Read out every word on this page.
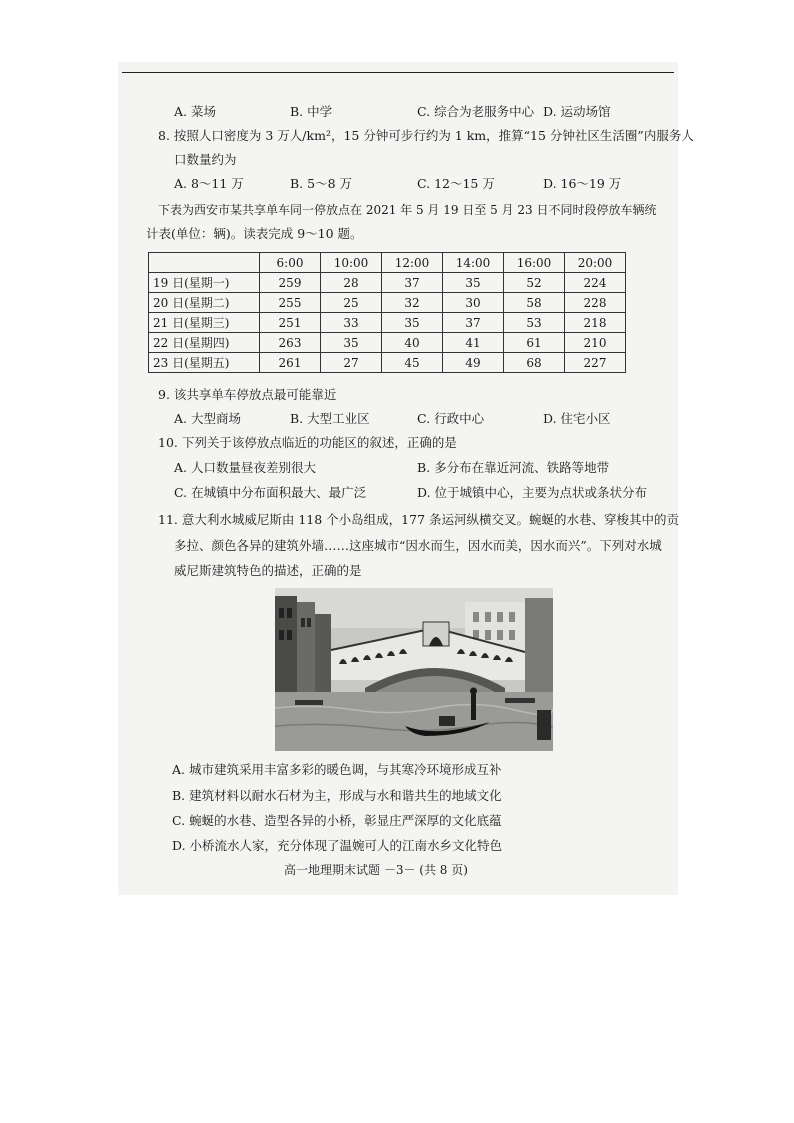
A. 菜场	B. 中学	C. 综合为老服务中心 D. 运动场馆
8. 按照人口密度为 3 万人/km²，15 分钟可步行约为 1 km，推算“15 分钟社区生活圈”内服务人
口数量约为
A. 8～11 万	B. 5～8 万	C. 12～15 万	D. 16～19 万
下表为西安市某共享单车同一停放点在 2021 年 5 月 19 日至 5 月 23 日不同时段停放车辆统
计表(单位：辆)。读表完成 9～10 题。
	6:00	10:00	12:00	14:00	16:00	20:00
19 日(星期一)	259	28	37	35	52	224
20 日(星期二)	255	25	32	30	58	228
21 日(星期三)	251	33	35	37	53	218
22 日(星期四)	263	35	40	41	61	210
23 日(星期五)	261	27	45	49	68	227
9. 该共享单车停放点最可能靠近
A. 大型商场	B. 大型工业区	C. 行政中心	D. 住宅小区
10. 下列关于该停放点临近的功能区的叙述，正确的是
A. 人口数量昼夜差别很大	B. 多分布在靠近河流、铁路等地带
C. 在城镇中分布面积最大、最广泛	D. 位于城镇中心，主要为点状或条状分布
11. 意大利水城威尼斯由 118 个小岛组成，177 条运河纵横交叉。蜿蜒的水巷、穿梭其中的贡
多拉、颜色各异的建筑外墙……这座城市“因水而生，因水而美，因水而兴”。下列对水城
威尼斯建筑特色的描述，正确的是
A. 城市建筑采用丰富多彩的暖色调，与其寒冷环境形成互补
B. 建筑材料以耐水石材为主，形成与水和谐共生的地域文化
C. 蜿蜒的水巷、造型各异的小桥，彰显庄严深厚的文化底蕴
D. 小桥流水人家，充分体现了温婉可人的江南水乡文化特色
高一地理期末试题 －3－ (共 8 页)
